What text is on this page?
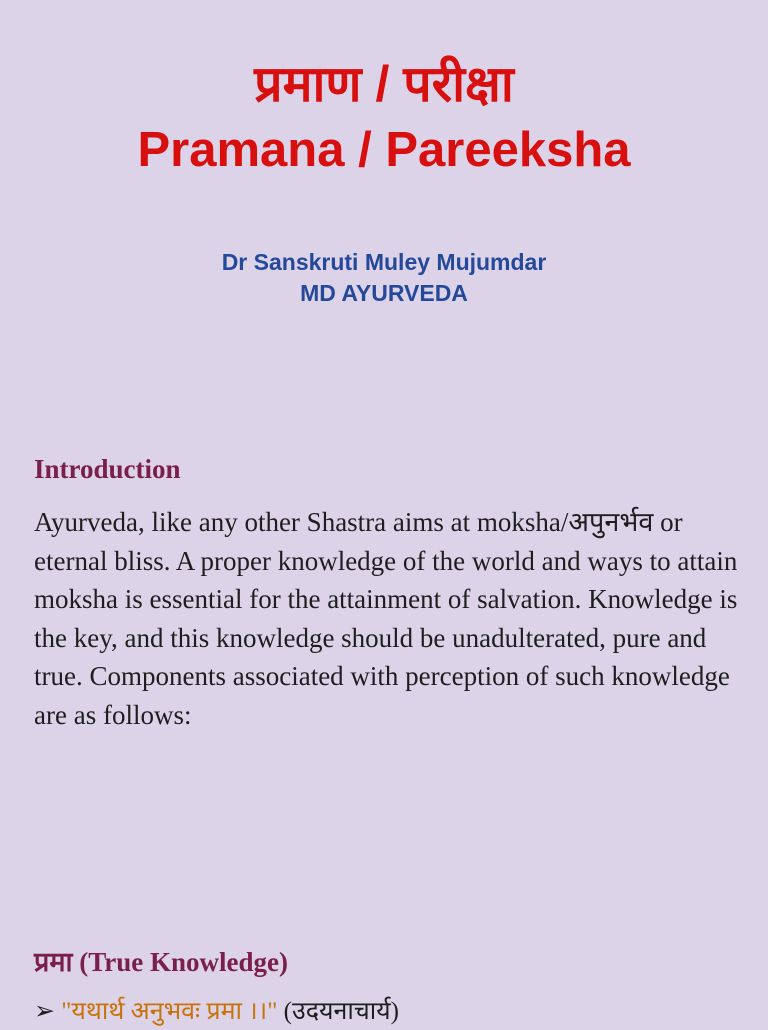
प्रमाण / परीक्षा
Pramana / Pareeksha
Dr Sanskruti Muley Mujumdar
MD AYURVEDA
Introduction
Ayurveda, like any other Shastra aims at moksha/अपुनर्भव or eternal bliss. A proper knowledge of the world and ways to attain moksha is essential for the attainment of salvation. Knowledge is the key, and this knowledge should be unadulterated, pure and true. Components associated with perception of such knowledge are as follows:
प्रमा (True Knowledge)
➢ "यथार्थ अनुभवः प्रमा ।।" (उदयनाचार्य)
